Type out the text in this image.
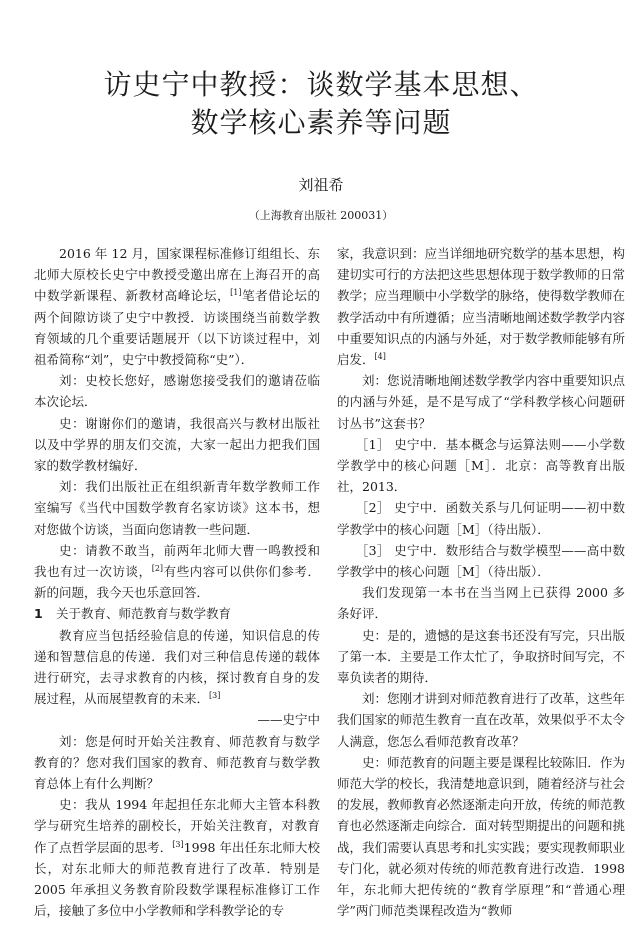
访史宁中教授：谈数学基本思想、
数学核心素养等问题
刘祖希
（上海教育出版社 200031）

2016 年 12 月，国家课程标准修订组组长、东北师大原校长史宁中教授受邀出席在上海召开的高中数学新课程、新教材高峰论坛，[1]笔者借论坛的两个间隙访谈了史宁中教授．访谈围绕当前数学教育领域的几个重要话题展开（以下访谈过程中，刘祖希简称“刘”，史宁中教授简称“史”）．

刘：史校长您好，感谢您接受我们的邀请莅临本次论坛．

史：谢谢你们的邀请，我很高兴与教材出版社以及中学界的朋友们交流，大家一起出力把我们国家的数学教材编好．

刘：我们出版社正在组织新青年数学教师工作室编写《当代中国数学教育名家访谈》这本书，想对您做个访谈，当面向您请教一些问题．

史：请教不敢当，前两年北师大曹一鸣教授和我也有过一次访谈，[2]有些内容可以供你们参考．新的问题，我今天也乐意回答．

1 关于教育、师范教育与数学教育

教育应当包括经验信息的传递，知识信息的传递和智慧信息的传递．我们对三种信息传递的载体进行研究，去寻求教育的内核，探讨教育自身的发展过程，从而展望教育的未来．[3]

——史宁中

刘：您是何时开始关注教育、师范教育与数学教育的？您对我们国家的教育、师范教育与数学教育总体上有什么判断？

史：我从 1994 年起担任东北师大主管本科教学与研究生培养的副校长，开始关注教育，对教育作了点哲学层面的思考．[3]1998 年出任东北师大校长，对东北师大的师范教育进行了改革．特别是 2005 年承担义务教育阶段数学课程标准修订工作后，接触了多位中小学教师和学科教学论的专

家，我意识到：应当详细地研究数学的基本思想，构建切实可行的方法把这些思想体现于数学教师的日常教学；应当理顺中小学数学的脉络，使得数学教师在教学活动中有所遵循；应当清晰地阐述数学教学内容中重要知识点的内涵与外延，对于数学教师能够有所启发．[4]

刘：您说清晰地阐述数学教学内容中重要知识点的内涵与外延，是不是写成了“学科教学核心问题研讨丛书”这套书？

［1］ 史宁中．基本概念与运算法则——小学数学教学中的核心问题［M］．北京：高等教育出版社，2013．

［2］ 史宁中．函数关系与几何证明——初中数学教学中的核心问题［M］（待出版）．

［3］ 史宁中．数形结合与数学模型——高中数学教学中的核心问题［M］（待出版）．

我们发现第一本书在当当网上已获得 2000 多条好评．

史：是的，遗憾的是这套书还没有写完，只出版了第一本．主要是工作太忙了，争取挤时间写完，不辜负读者的期待．

刘：您刚才讲到对师范教育进行了改革，这些年我们国家的师范生教育一直在改革，效果似乎不太令人满意，您怎么看师范教育改革？

史：师范教育的问题主要是课程比较陈旧．作为师范大学的校长，我清楚地意识到，随着经济与社会的发展，教师教育必然逐渐走向开放，传统的师范教育也必然逐渐走向综合．面对转型期提出的问题和挑战，我们需要认真思考和扎实实践；要实现教师职业专门化，就必须对传统的师范教育进行改造．1998 年，东北师大把传统的“教育学原理”和“普通心理学”两门师范类课程改造为“教师
